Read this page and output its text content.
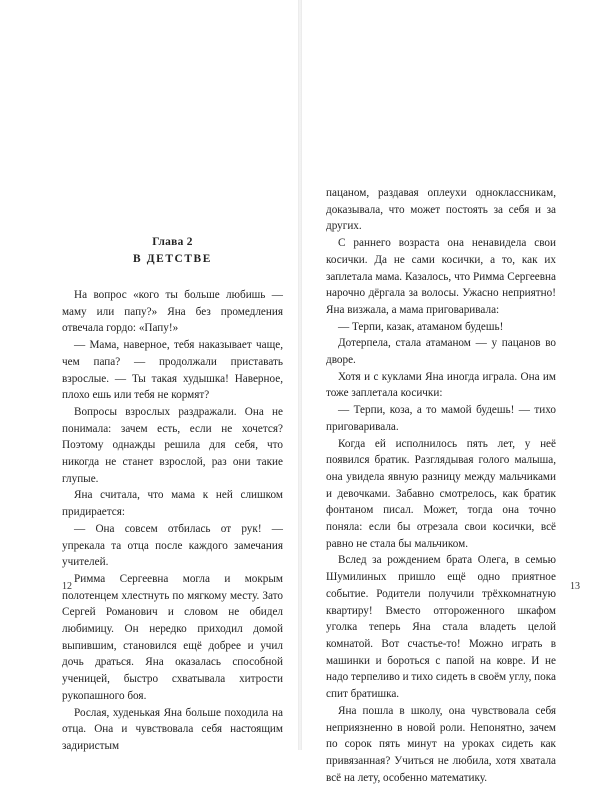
Глава 2
В ДЕТСТВЕ

На вопрос «кого ты больше любишь — маму или папу?» Яна без промедления отвечала гордо: «Папу!»

— Мама, наверное, тебя наказывает чаще, чем папа? — продолжали приставать взрослые. — Ты такая худышка! Наверное, плохо ешь или тебя не кормят?

Вопросы взрослых раздражали. Она не понимала: зачем есть, если не хочется? Поэтому однажды решила для себя, что никогда не станет взрослой, раз они такие глупые.

Яна считала, что мама к ней слишком придирается:

— Она совсем отбилась от рук! — упрекала та отца после каждого замечания учителей.

Римма Сергеевна могла и мокрым полотенцем хлестнуть по мягкому месту. Зато Сергей Романович и словом не обидел любимицу. Он нередко приходил домой выпившим, становился ещё добрее и учил дочь драться. Яна оказалась способной ученицей, быстро схватывала хитрости рукопашного боя.

Рослая, худенькая Яна больше походила на отца. Она и чувствовала себя настоящим задиристым

12

пацаном, раздавая оплеухи одноклассникам, доказывала, что может постоять за себя и за других.

С раннего возраста она ненавидела свои косички. Да не сами косички, а то, как их заплетала мама. Казалось, что Римма Сергеевна нарочно дёргала за волосы. Ужасно неприятно! Яна визжала, а мама приговаривала:

— Терпи, казак, атаманом будешь!

Дотерпела, стала атаманом — у пацанов во дворе.

Хотя и с куклами Яна иногда играла. Она им тоже заплетала косички:

— Терпи, коза, а то мамой будешь! — тихо приговаривала.

Когда ей исполнилось пять лет, у неё появился братик. Разглядывая голого малыша, она увидела явную разницу между мальчиками и девочками. Забавно смотрелось, как братик фонтаном писал. Может, тогда она точно поняла: если бы отрезала свои косички, всё равно не стала бы мальчиком.

Вслед за рождением брата Олега, в семью Шумилиных пришло ещё одно приятное событие. Родители получили трёхкомнатную квартиру! Вместо отгороженного шкафом уголка теперь Яна стала владеть целой комнатой. Вот счастье-то! Можно играть в машинки и бороться с папой на ковре. И не надо терпеливо и тихо сидеть в своём углу, пока спит братишка.

Яна пошла в школу, она чувствовала себя неприязненно в новой роли. Непонятно, зачем по сорок пять минут на уроках сидеть как привязанная? Учиться не любила, хотя хватала всё на лету, особенно математику.

13
